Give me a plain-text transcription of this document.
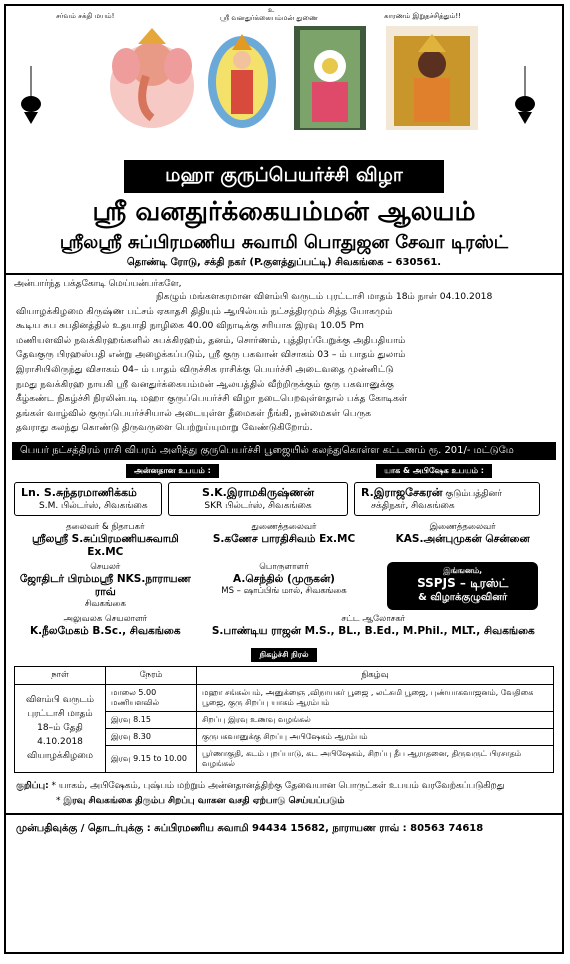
சர்வம் சக்தி மயம்!
உ
ஸ்ரீ வனதுர்க்கையம்மன் துணை	காரணம் இறுதச்சித்தும்!!
மஹா குருப்பெயர்ச்சி விழா
ஸ்ரீ வனதுர்க்கையம்மன் ஆலயம்
ஸ்ரீலஸ்ரீ சுப்பிரமணிய சுவாமி பொதுஜன சேவா டிரஸ்ட்
தொண்டி ரோடு, சக்தி நகர் (P.குளத்துப்பட்டி) சிவகங்கை – 630561.
அன்பார்ந்த பக்தகோடி மெய்யன்பர்களே,

நிகழும் மங்களகரமான விளம்பி வருடம் புரட்டாசி மாதம் 18ம் நாள் 04.10.2018

வியாழக்கிழமை கிருஷ்ண பட்சம் ஏகாதசி திதியும் ஆயில்யம் நட்சத்திரமும் சித்த யோகமும்

கூடிய சுப சுபதினத்தில் உதயாதி நாழிகை 40.00 விநாடிக்கு சரியாக இரவு 10.05 Pm

மணியளவில் நவக்கிரஹங்களில் சுபக்கிரஹம், தனம், சொர்ணம், புத்திரப்பேறுக்கு அதிபதியாம்

தேவகுரு பிரஹஸ்பதி என்று அழைக்கப்படும், ஸ்ரீ குரு பகவான் விசாகம் 03 – ம் பாதம் துலாம்

இராசியிலிருந்து விசாகம் 04– ம் பாதம் விருச்சிக ராசிக்கு பெயர்ச்சி அடைவதை முன்னிட்டு

நமது நவக்கிரஹ நாயகி ஸ்ரீ வனதுர்க்கையம்மன் ஆலயத்தில் வீற்றிருக்கும் குரு பகவானுக்கு

கீழ்கண்ட நிகழ்ச்சி நிரலின்படி மஹா குருப்பெயர்ச்சி விழா நடைபெறவுள்ளதால் பக்த கோடிகள்

தங்கள் வாழ்வில் குருப்பெயர்ச்சியால் அடையுள்ள தீமைகள் நீங்கி, நன்மைகள் பெருக

தவராது கலந்து கொண்டு திருவருளை பெற்றுய்யுமாறு வேண்டுகிறோம்.

பெயர் நட்சத்திரம் ராசி விபரம் அளித்து குருபெயர்ச்சி பூஜையில் கலந்துகொள்ள கட்டணம் ரூ. 201/- மட்டுமே
அன்னதான உபயம் :	யாக & அபிஷேக உபயம் :
Ln. S.சுந்தரமாணிக்கம்
S.M. பில்டர்ஸ், சிவகங்கை
S.K.இராமகிருஷ்ணன்
SKR பில்டர்ஸ், சிவகங்கை
R.இராஜசேகரன் குடும்பத்தினர்
சக்திநகர், சிவகங்கை
தலைவர் & நிதாபகர்
ஸ்ரீலஸ்ரீ S.சுப்பிரமணியசுவாமி Ex.MC
துணைத்தலைவர்
S.கணேச பாரதிசிவம் Ex.MC
இணைத்தலைவர்
KAS.அன்புமுகன் சென்னை
செயலர்
ஜோதிடர் பிரம்மஸ்ரீ NKS.நாராயண ராவ்
சிவகங்கை
பொருளாளர்
A.செந்தில் (முருகன்)
MS – ஷாப்பிங் மால், சிவகங்கை
இங்ஙனம்,
SSPJS – டிரஸ்ட்
& விழாக்குழுவினர்
அலுவலக செயலாளர்
K.நீலமேகம் B.Sc., சிவகங்கை
சட்ட ஆலோசகர்
S.பாண்டிய ராஜன் M.S., BL., B.Ed., M.Phil., MLT., சிவகங்கை
நிகழ்ச்சி நிரல்
நாள்	நேரம்	நிகழ்வு
விளம்பி வருடம் புரட்டாசி மாதம் 18–ம் தேதி 4.10.2018 வியாழக்கிழமை	மாலை 5.00 மணியளவில்	மஹா சங்கல்பம், அனுக்ஞை ,விநாயகர் பூஜை , லட்சுமி பூஜை, புண்யாகவாஜனம், வேதிகை பூஜை, குரு சிறப்பு யாகம் ஆரம்பம்
	இரவு 8.15	சிறப்பு இரவு உணவு வழங்கல்
	இரவு 8.30	குருபகவானுக்கு சிறப்பு அபிஷேகம் ஆரம்பம்
	இரவு 9.15 to 10.00	பூர்ணாகுதி, கடம் புறப்பாடு, கட அபிஷேகம், சிறப்பு தீப ஆராதனை, திருவருட் பிரசாதம் வழங்கல்
குறிப்பு: * யாகம், அபிஷேகம், புஷ்பம் மற்றும் அன்னதானத்திற்கு தேவையான பொருட்கள் உபயம் வரவேற்கப்படுகிறது
* இரவு சிவகங்கை திரும்ப சிறப்பு வாகன வசதி ஏற்பாடு செய்யப்படும்
முன்பதிவுக்கு / தொடர்புக்கு : சுப்பிரமணிய சுவாமி 94434 15682, நாராயண ராவ் : 80563 74618
